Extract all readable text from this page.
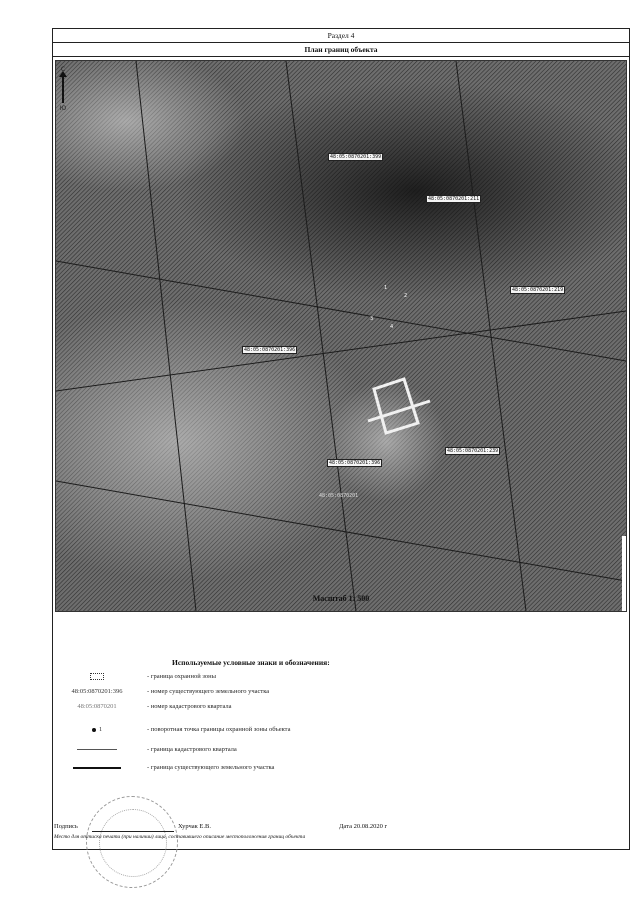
Раздел 4
План границ объекта
С
Ю
48:05:0870201:399
48:05:0870201:211
48:05:0870201:219
48:05:0870201:396
48:05:0870201:239
48:05:0870201:396
48:05:0870201
1
2
3
4
Масштаб 1: 500
Используемые условные знаки и обозначения:
- граница охранной зоны
48:05:0870201:396	- номер существующего земельного участка
48:05:0870201	- номер кадастрового квартала
1	- поворотная точка границы охранной зоны объекта
- граница кадастрового квартала
- граница существующего земельного участка
Подпись	Хурчак Е.В.	Дата 20.08.2020 г
Место для оттиска печати (при наличии) лица, составившего описание местоположения границ объекта
